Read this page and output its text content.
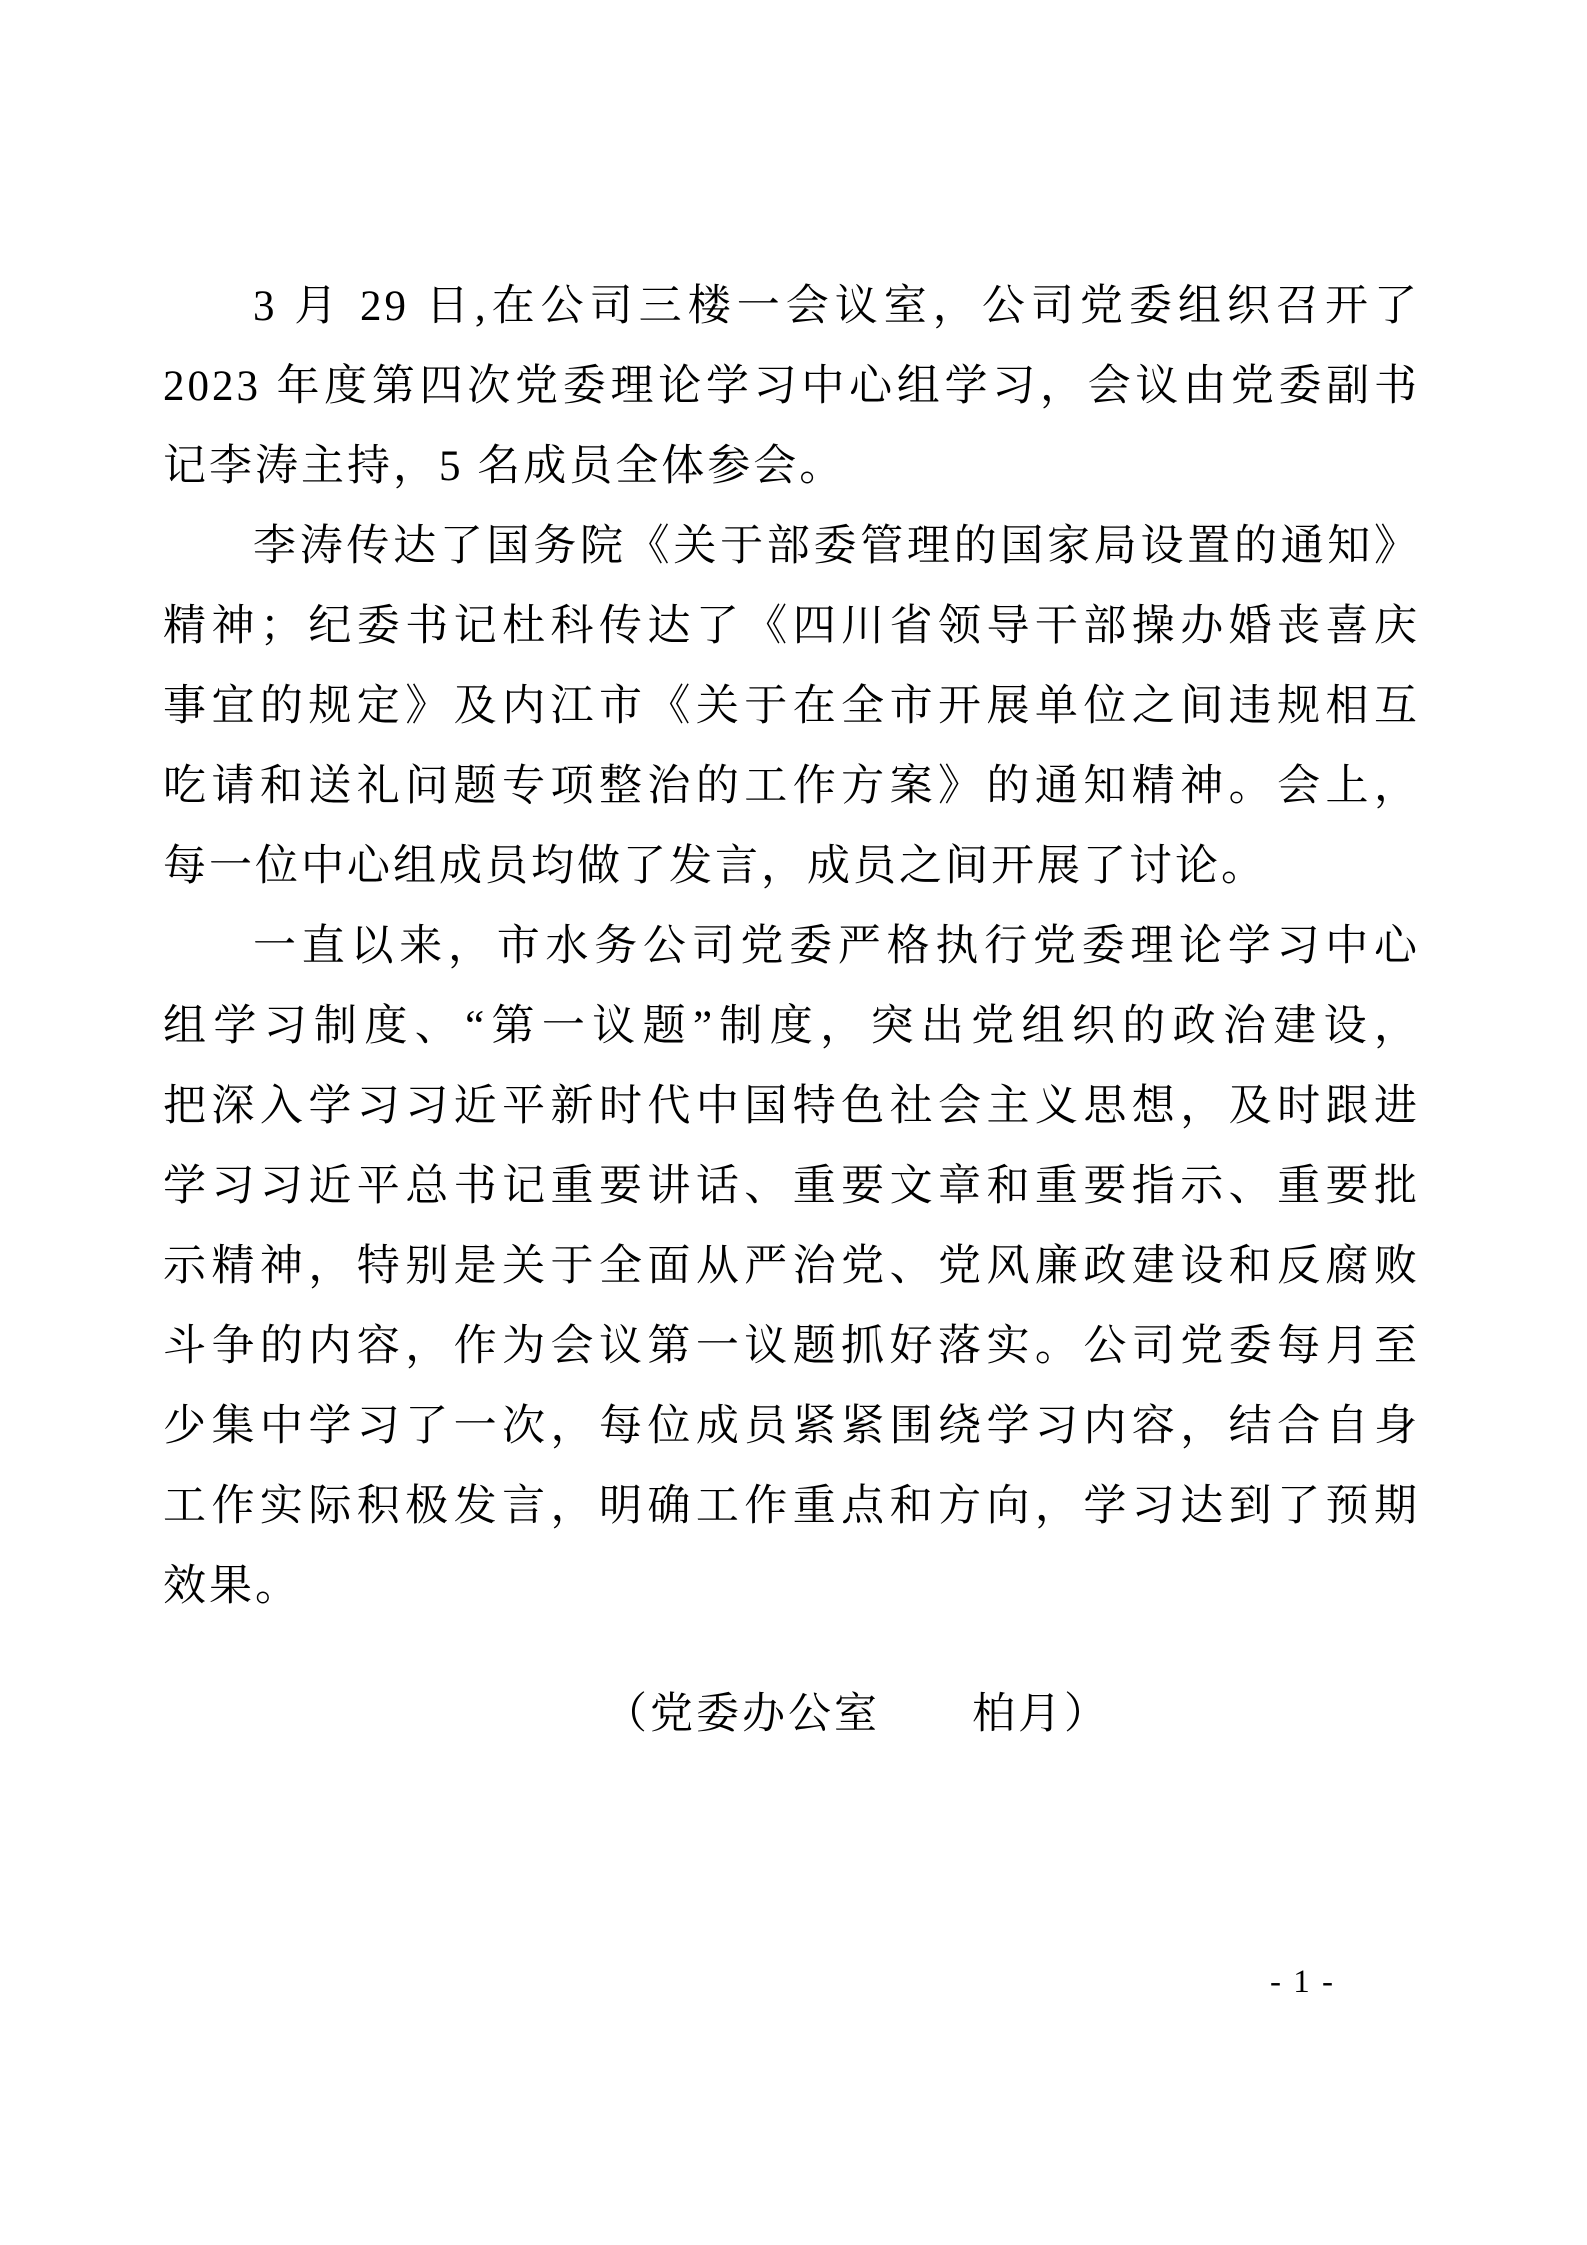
3 月 29 日,在公司三楼一会议室，公司党委组织召开了
2023 年度第四次党委理论学习中心组学习，会议由党委副书
记李涛主持，5 名成员全体参会。
李涛传达了国务院《关于部委管理的国家局设置的通知》
精神；纪委书记杜科传达了《四川省领导干部操办婚丧喜庆
事宜的规定》及内江市《关于在全市开展单位之间违规相互
吃请和送礼问题专项整治的工作方案》的通知精神。会上，
每一位中心组成员均做了发言，成员之间开展了讨论。
一直以来，市水务公司党委严格执行党委理论学习中心
组学习制度、“第一议题”制度，突出党组织的政治建设，
把深入学习习近平新时代中国特色社会主义思想，及时跟进
学习习近平总书记重要讲话、重要文章和重要指示、重要批
示精神，特别是关于全面从严治党、党风廉政建设和反腐败
斗争的内容，作为会议第一议题抓好落实。公司党委每月至
少集中学习了一次，每位成员紧紧围绕学习内容，结合自身
工作实际积极发言，明确工作重点和方向，学习达到了预期
效果。
（党委办公室　　柏月）
- 1 -
